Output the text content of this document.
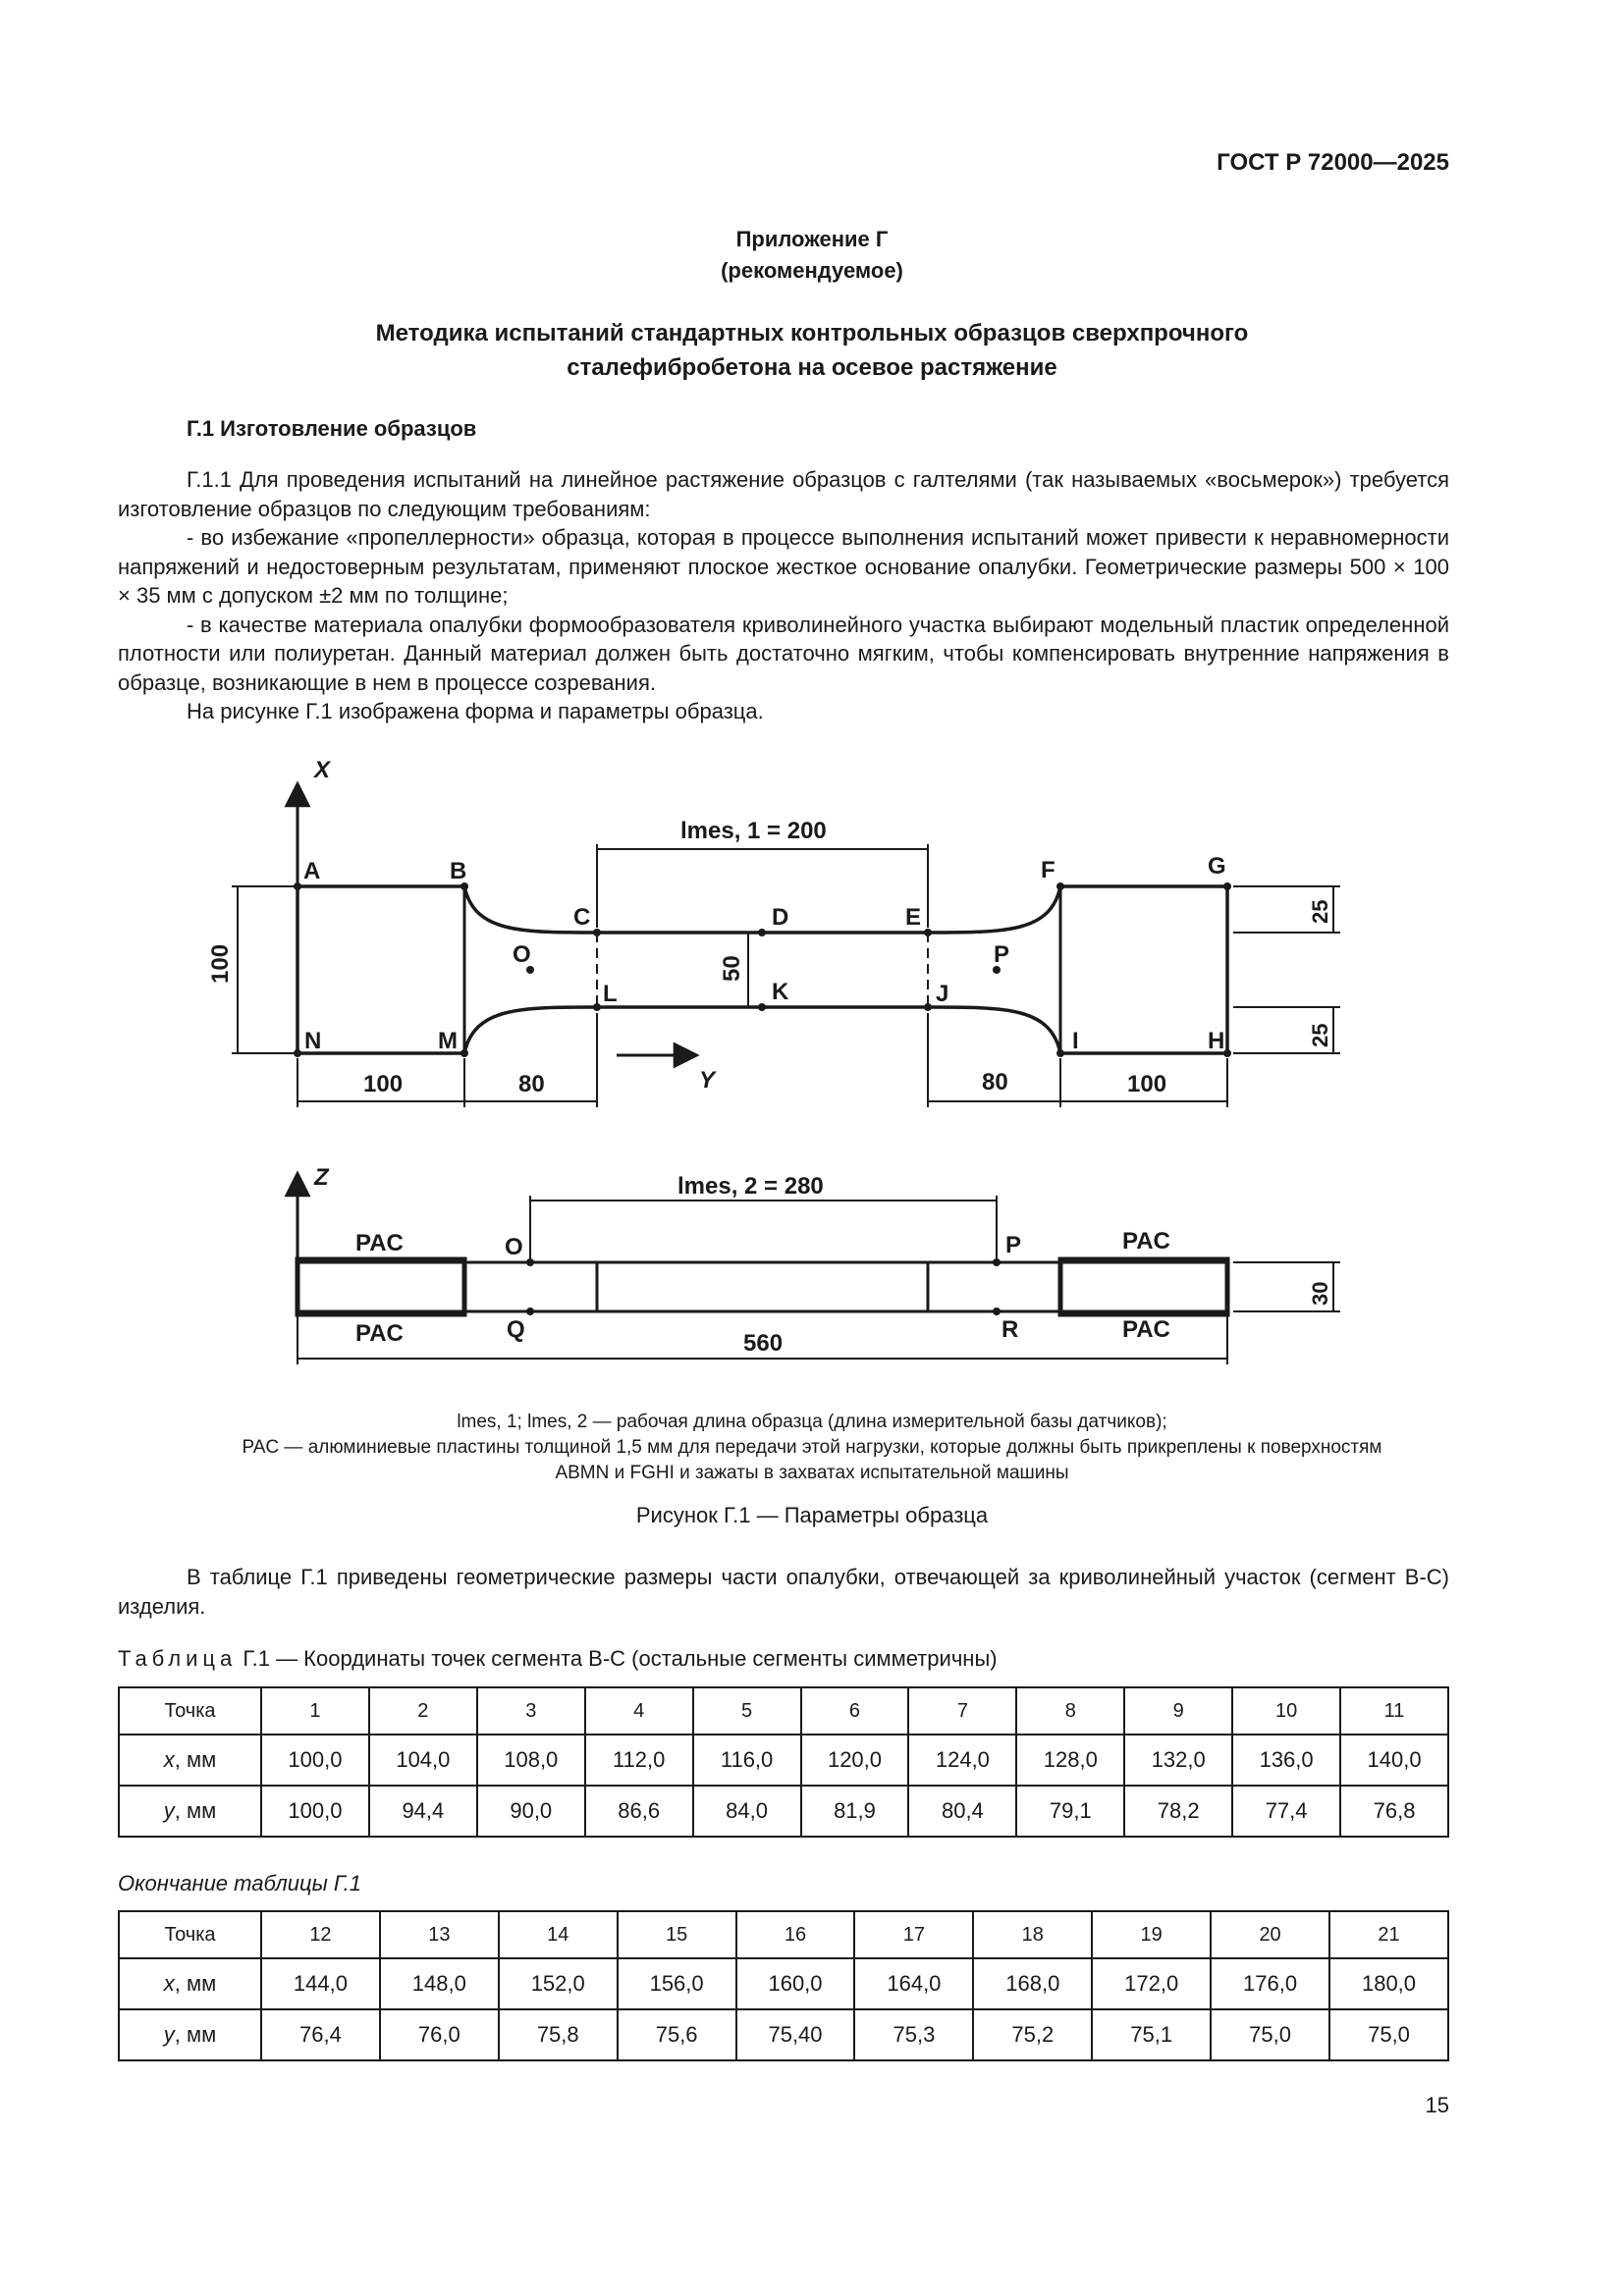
ГОСТ Р 72000—2025
Приложение Г
(рекомендуемое)
Методика испытаний стандартных контрольных образцов сверхпрочного
сталефибробетона на осевое растяжение
Г.1 Изготовление образцов

Г.1.1 Для проведения испытаний на линейное растяжение образцов с галтелями (так называемых «восьмерок») требуется изготовление образцов по следующим требованиям:

- во избежание «пропеллерности» образца, которая в процессе выполнения испытаний может привести к неравномерности напряжений и недостоверным результатам, применяют плоское жесткое основание опалубки. Геометрические размеры 500 × 100 × 35 мм с допуском ±2 мм по толщине;

- в качестве материала опалубки формообразователя криволинейного участка выбирают модельный пластик определенной плотности или полиуретан. Данный материал должен быть достаточно мягким, чтобы компенсировать внутренние напряжения в образце, возникающие в нем в процессе созревания.

На рисунке Г.1 изображена форма и параметры образца.

X
Y
A	B
C	D	E
F	G
H
I
J
K
L
M
N
O	P
lmes, 1 = 200
100	50
25
25
100	80	80	100
Z
O	P
Q	R
PAC
PAC
PAC
PAC
lmes, 2 = 280
560
30
lmes, 1; lmes, 2 — рабочая длина образца (длина измерительной базы датчиков);
PAC — алюминиевые пластины толщиной 1,5 мм для передачи этой нагрузки, которые должны быть прикреплены к поверхностям
ABMN и FGHI и зажаты в захватах испытательной машины
Рисунок Г.1 — Параметры образца

В таблице Г.1 приведены геометрические размеры части опалубки, отвечающей за криволинейный участок (сегмент B-C) изделия.

Таблица Г.1 — Координаты точек сегмента B-C (остальные сегменты симметричны)
Точка	1	2	3	4	5	6	7	8	9	10	11
x, мм	100,0	104,0	108,0	112,0	116,0	120,0	124,0	128,0	132,0	136,0	140,0
y, мм	100,0	94,4	90,0	86,6	84,0	81,9	80,4	79,1	78,2	77,4	76,8
Окончание таблицы Г.1
Точка	12	13	14	15	16	17	18	19	20	21
x, мм	144,0	148,0	152,0	156,0	160,0	164,0	168,0	172,0	176,0	180,0
y, мм	76,4	76,0	75,8	75,6	75,40	75,3	75,2	75,1	75,0	75,0
15
